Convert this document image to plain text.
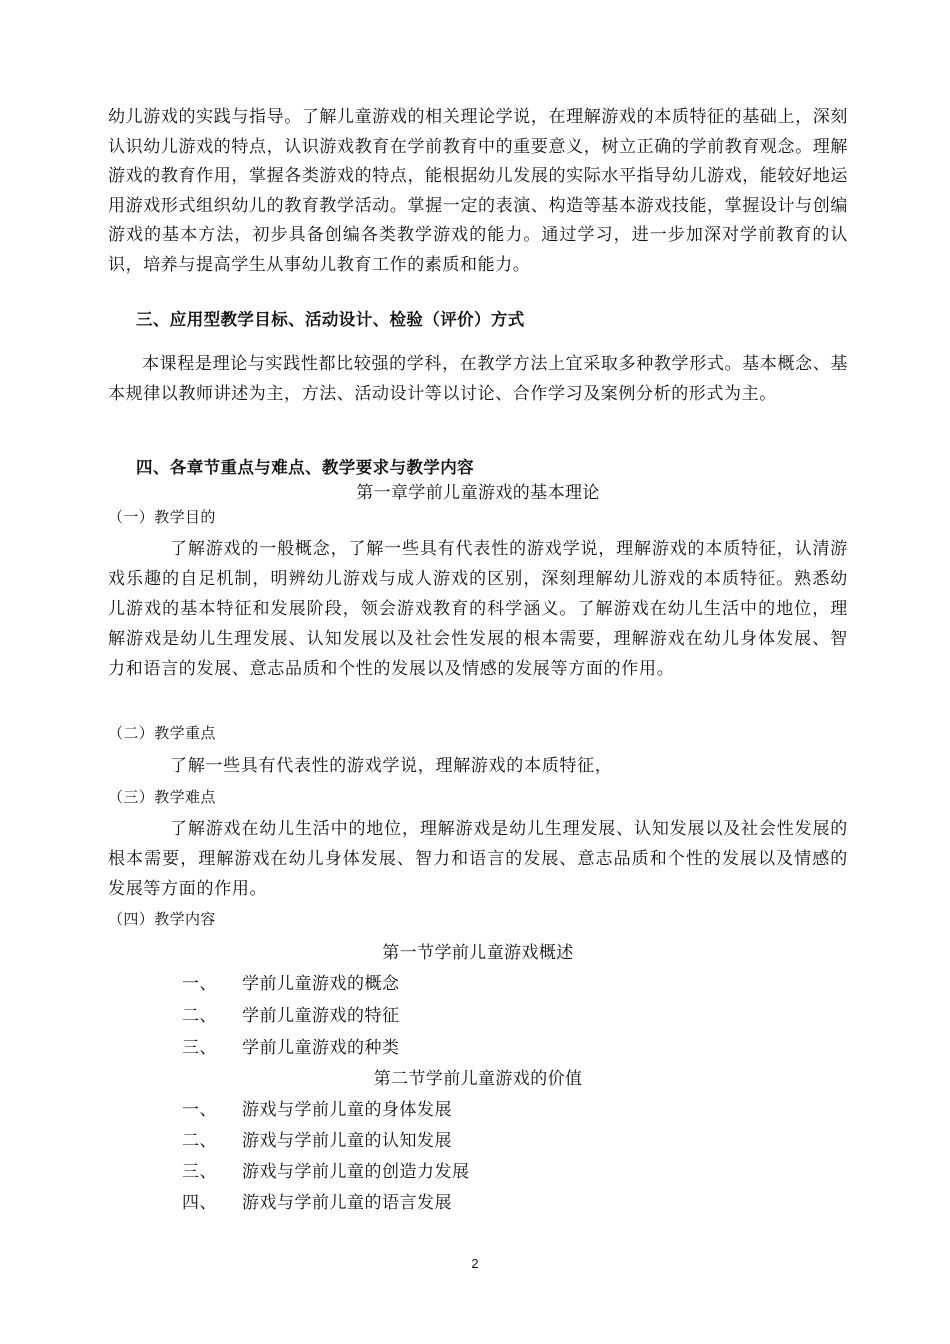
幼儿游戏的实践与指导。了解儿童游戏的相关理论学说，在理解游戏的本质特征的基础上，深刻认识幼儿游戏的特点，认识游戏教育在学前教育中的重要意义，树立正确的学前教育观念。理解游戏的教育作用，掌握各类游戏的特点，能根据幼儿发展的实际水平指导幼儿游戏，能较好地运用游戏形式组织幼儿的教育教学活动。掌握一定的表演、构造等基本游戏技能，掌握设计与创编游戏的基本方法，初步具备创编各类教学游戏的能力。通过学习，进一步加深对学前教育的认识，培养与提高学生从事幼儿教育工作的素质和能力。

三、应用型教学目标、活动设计、检验（评价）方式

本课程是理论与实践性都比较强的学科，在教学方法上宜采取多种教学形式。基本概念、基本规律以教师讲述为主，方法、活动设计等以讨论、合作学习及案例分析的形式为主。

四、各章节重点与难点、教学要求与教学内容

第一章学前儿童游戏的基本理论

（一）教学目的

了解游戏的一般概念，了解一些具有代表性的游戏学说，理解游戏的本质特征，认清游戏乐趣的自足机制，明辨幼儿游戏与成人游戏的区别，深刻理解幼儿游戏的本质特征。熟悉幼儿游戏的基本特征和发展阶段，领会游戏教育的科学涵义。了解游戏在幼儿生活中的地位，理解游戏是幼儿生理发展、认知发展以及社会性发展的根本需要，理解游戏在幼儿身体发展、智力和语言的发展、意志品质和个性的发展以及情感的发展等方面的作用。

（二）教学重点

了解一些具有代表性的游戏学说，理解游戏的本质特征，

（三）教学难点

了解游戏在幼儿生活中的地位，理解游戏是幼儿生理发展、认知发展以及社会性发展的根本需要，理解游戏在幼儿身体发展、智力和语言的发展、意志品质和个性的发展以及情感的发展等方面的作用。

（四）教学内容

第一节学前儿童游戏概述

一、	学前儿童游戏的概念

二、	学前儿童游戏的特征

三、	学前儿童游戏的种类

第二节学前儿童游戏的价值

一、	游戏与学前儿童的身体发展

二、	游戏与学前儿童的认知发展

三、	游戏与学前儿童的创造力发展

四、	游戏与学前儿童的语言发展

2
